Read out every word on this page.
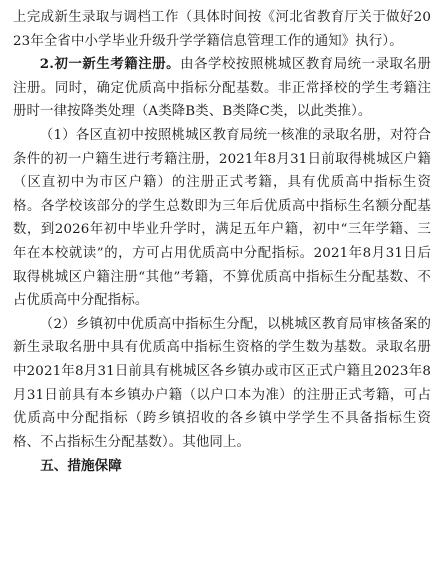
上完成新生录取与调档工作（具体时间按《河北省教育厅关于做好2023年全省中小学毕业升级升学学籍信息管理工作的通知》执行）。

2.初一新生考籍注册。由各学校按照桃城区教育局统一录取名册注册。同时，确定优质高中指标分配基数。非正常择校的学生考籍注册时一律按降类处理（A类降B类、B类降C类，以此类推）。

（1）各区直初中按照桃城区教育局统一核准的录取名册，对符合条件的初一户籍生进行考籍注册，2021年8月31日前取得桃城区户籍（区直初中为市区户籍）的注册正式考籍，具有优质高中指标生资格。各学校该部分的学生总数即为三年后优质高中指标生名额分配基数，到2026年初中毕业升学时，满足五年户籍，初中“三年学籍、三年在本校就读”的，方可占用优质高中分配指标。2021年8月31日后取得桃城区户籍注册“其他”考籍，不算优质高中指标生分配基数、不占优质高中分配指标。

（2）乡镇初中优质高中指标生分配，以桃城区教育局审核备案的新生录取名册中具有优质高中指标生资格的学生数为基数。录取名册中2021年8月31日前具有桃城区各乡镇办或市区正式户籍且2023年8月31日前具有本乡镇办户籍（以户口本为准）的注册正式考籍，可占优质高中分配指标（跨乡镇招收的各乡镇中学学生不具备指标生资格、不占指标生分配基数）。其他同上。

五、措施保障
